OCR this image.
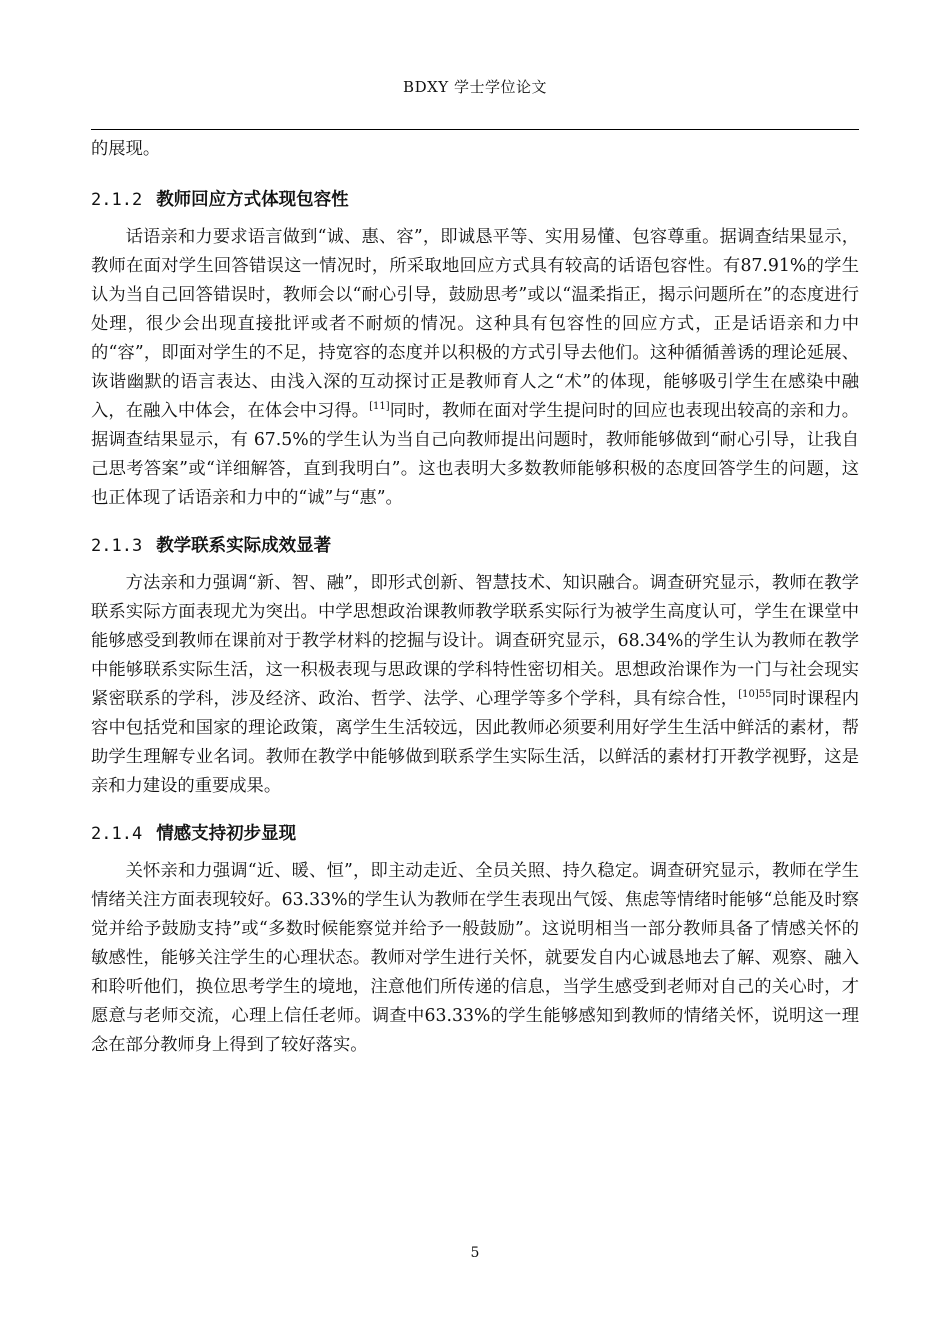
BDXY 学士学位论文

的展现。

2.1.2 教师回应方式体现包容性

话语亲和力要求语言做到“诚、惠、容”，即诚恳平等、实用易懂、包容尊重。据调查结果显示，教师在面对学生回答错误这一情况时，所采取地回应方式具有较高的话语包容性。有87.91%的学生认为当自己回答错误时，教师会以“耐心引导，鼓励思考”或以“温柔指正，揭示问题所在”的态度进行处理，很少会出现直接批评或者不耐烦的情况。这种具有包容性的回应方式，正是话语亲和力中的“容”，即面对学生的不足，持宽容的态度并以积极的方式引导去他们。这种循循善诱的理论延展、诙谐幽默的语言表达、由浅入深的互动探讨正是教师育人之“术”的体现，能够吸引学生在感染中融入，在融入中体会，在体会中习得。[11]同时，教师在面对学生提问时的回应也表现出较高的亲和力。据调查结果显示，有 67.5%的学生认为当自己向教师提出问题时，教师能够做到“耐心引导，让我自己思考答案”或“详细解答，直到我明白”。这也表明大多数教师能够积极的态度回答学生的问题，这也正体现了话语亲和力中的“诚”与“惠”。

2.1.3 教学联系实际成效显著

方法亲和力强调“新、智、融”，即形式创新、智慧技术、知识融合。调查研究显示，教师在教学联系实际方面表现尤为突出。中学思想政治课教师教学联系实际行为被学生高度认可，学生在课堂中能够感受到教师在课前对于教学材料的挖掘与设计。调查研究显示，68.34%的学生认为教师在教学中能够联系实际生活，这一积极表现与思政课的学科特性密切相关。思想政治课作为一门与社会现实紧密联系的学科，涉及经济、政治、哲学、法学、心理学等多个学科，具有综合性，$^{[10]55}$同时课程内容中包括党和国家的理论政策，离学生生活较远，因此教师必须要利用好学生生活中鲜活的素材，帮助学生理解专业名词。教师在教学中能够做到联系学生实际生活，以鲜活的素材打开教学视野，这是亲和力建设的重要成果。

2.1.4 情感支持初步显现

关怀亲和力强调“近、暖、恒”，即主动走近、全员关照、持久稳定。调查研究显示，教师在学生情绪关注方面表现较好。63.33%的学生认为教师在学生表现出气馁、焦虑等情绪时能够“总能及时察觉并给予鼓励支持”或“多数时候能察觉并给予一般鼓励”。这说明相当一部分教师具备了情感关怀的敏感性，能够关注学生的心理状态。教师对学生进行关怀，就要发自内心诚恳地去了解、观察、融入和聆听他们，换位思考学生的境地，注意他们所传递的信息，当学生感受到老师对自己的关心时，才愿意与老师交流，心理上信任老师。调查中63.33%的学生能够感知到教师的情绪关怀，说明这一理念在部分教师身上得到了较好落实。

5
